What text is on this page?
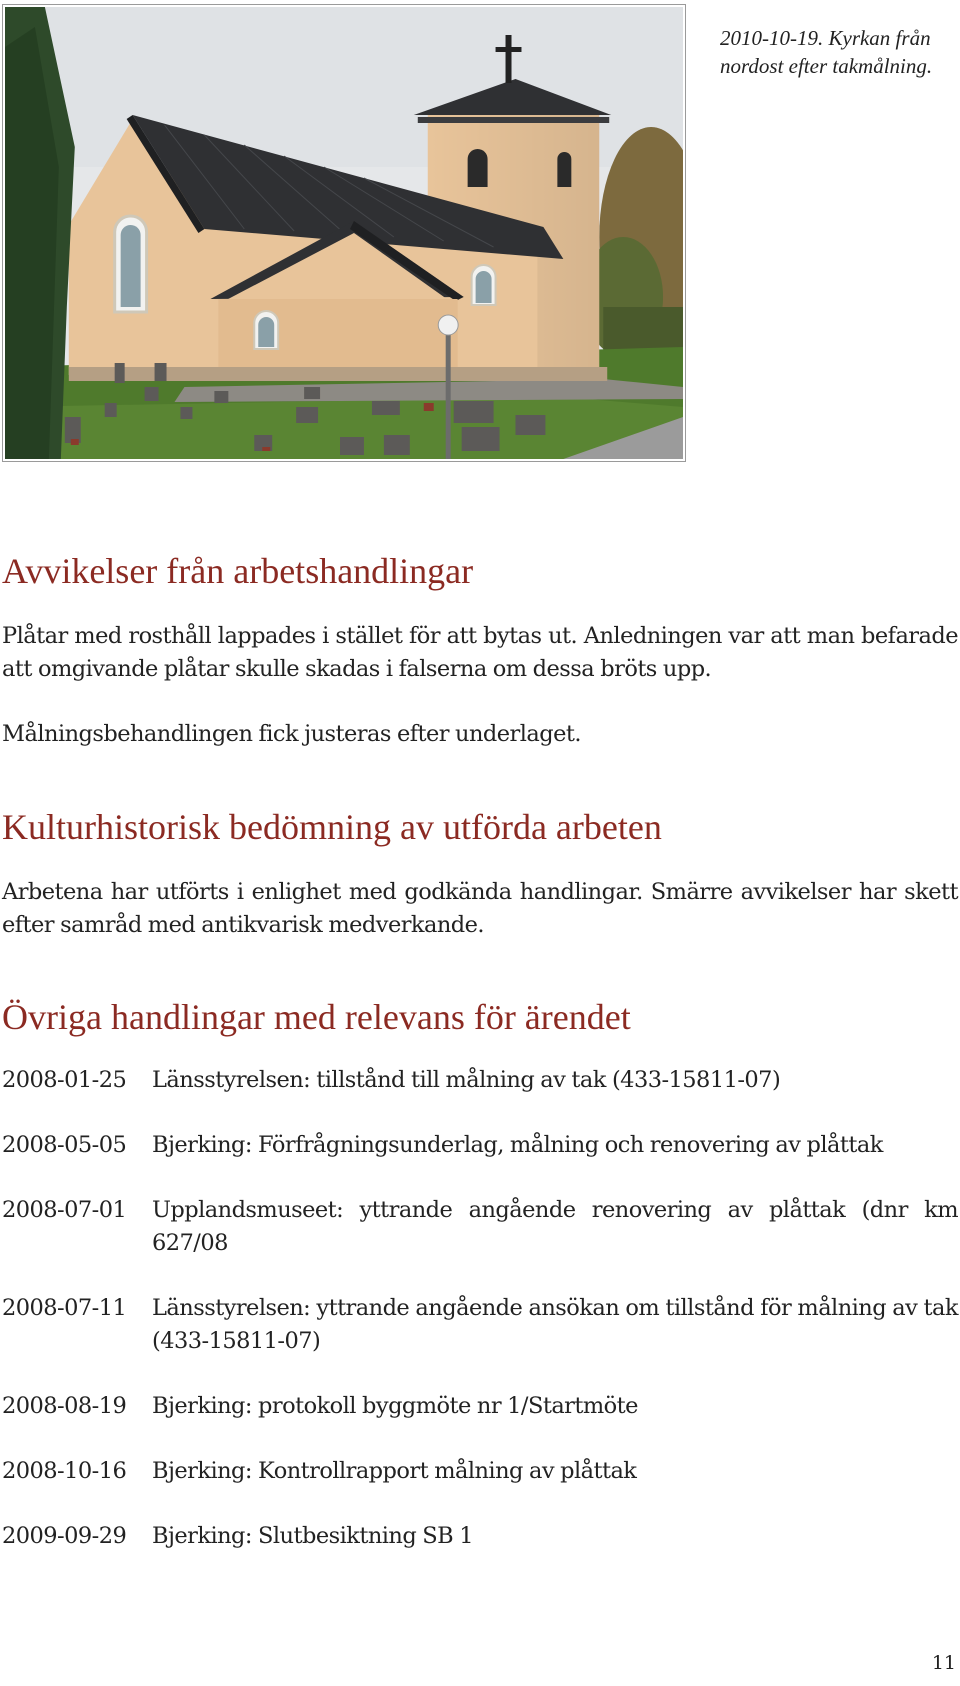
2010-10-19. Kyrkan från nordost efter takmålning.
Avvikelser från arbetshandlingar

Plåtar med rosthåll lappades i stället för att bytas ut. Anledningen var att man befarade att omgivande plåtar skulle skadas i falserna om dessa bröts upp.

Målningsbehandlingen fick justeras efter underlaget.

Kulturhistorisk bedömning av utförda arbeten

Arbetena har utförts i enlighet med godkända handlingar. Smärre avvikelser har skett efter samråd med antikvarisk medverkande.

Övriga handlingar med relevans för ärendet
2008-01-25	Länsstyrelsen: tillstånd till målning av tak (433-15811-07)
2008-05-05	Bjerking: Förfrågningsunderlag, målning och renovering av plåttak
2008-07-01	Upplandsmuseet: yttrande angående renovering av plåttak (dnr km 627/08
2008-07-11	Länsstyrelsen: yttrande angående ansökan om tillstånd för målning av tak (433-15811-07)
2008-08-19	Bjerking: protokoll byggmöte nr 1/Startmöte
2008-10-16	Bjerking: Kontrollrapport målning av plåttak
2009-09-29	Bjerking: Slutbesiktning SB 1
11
